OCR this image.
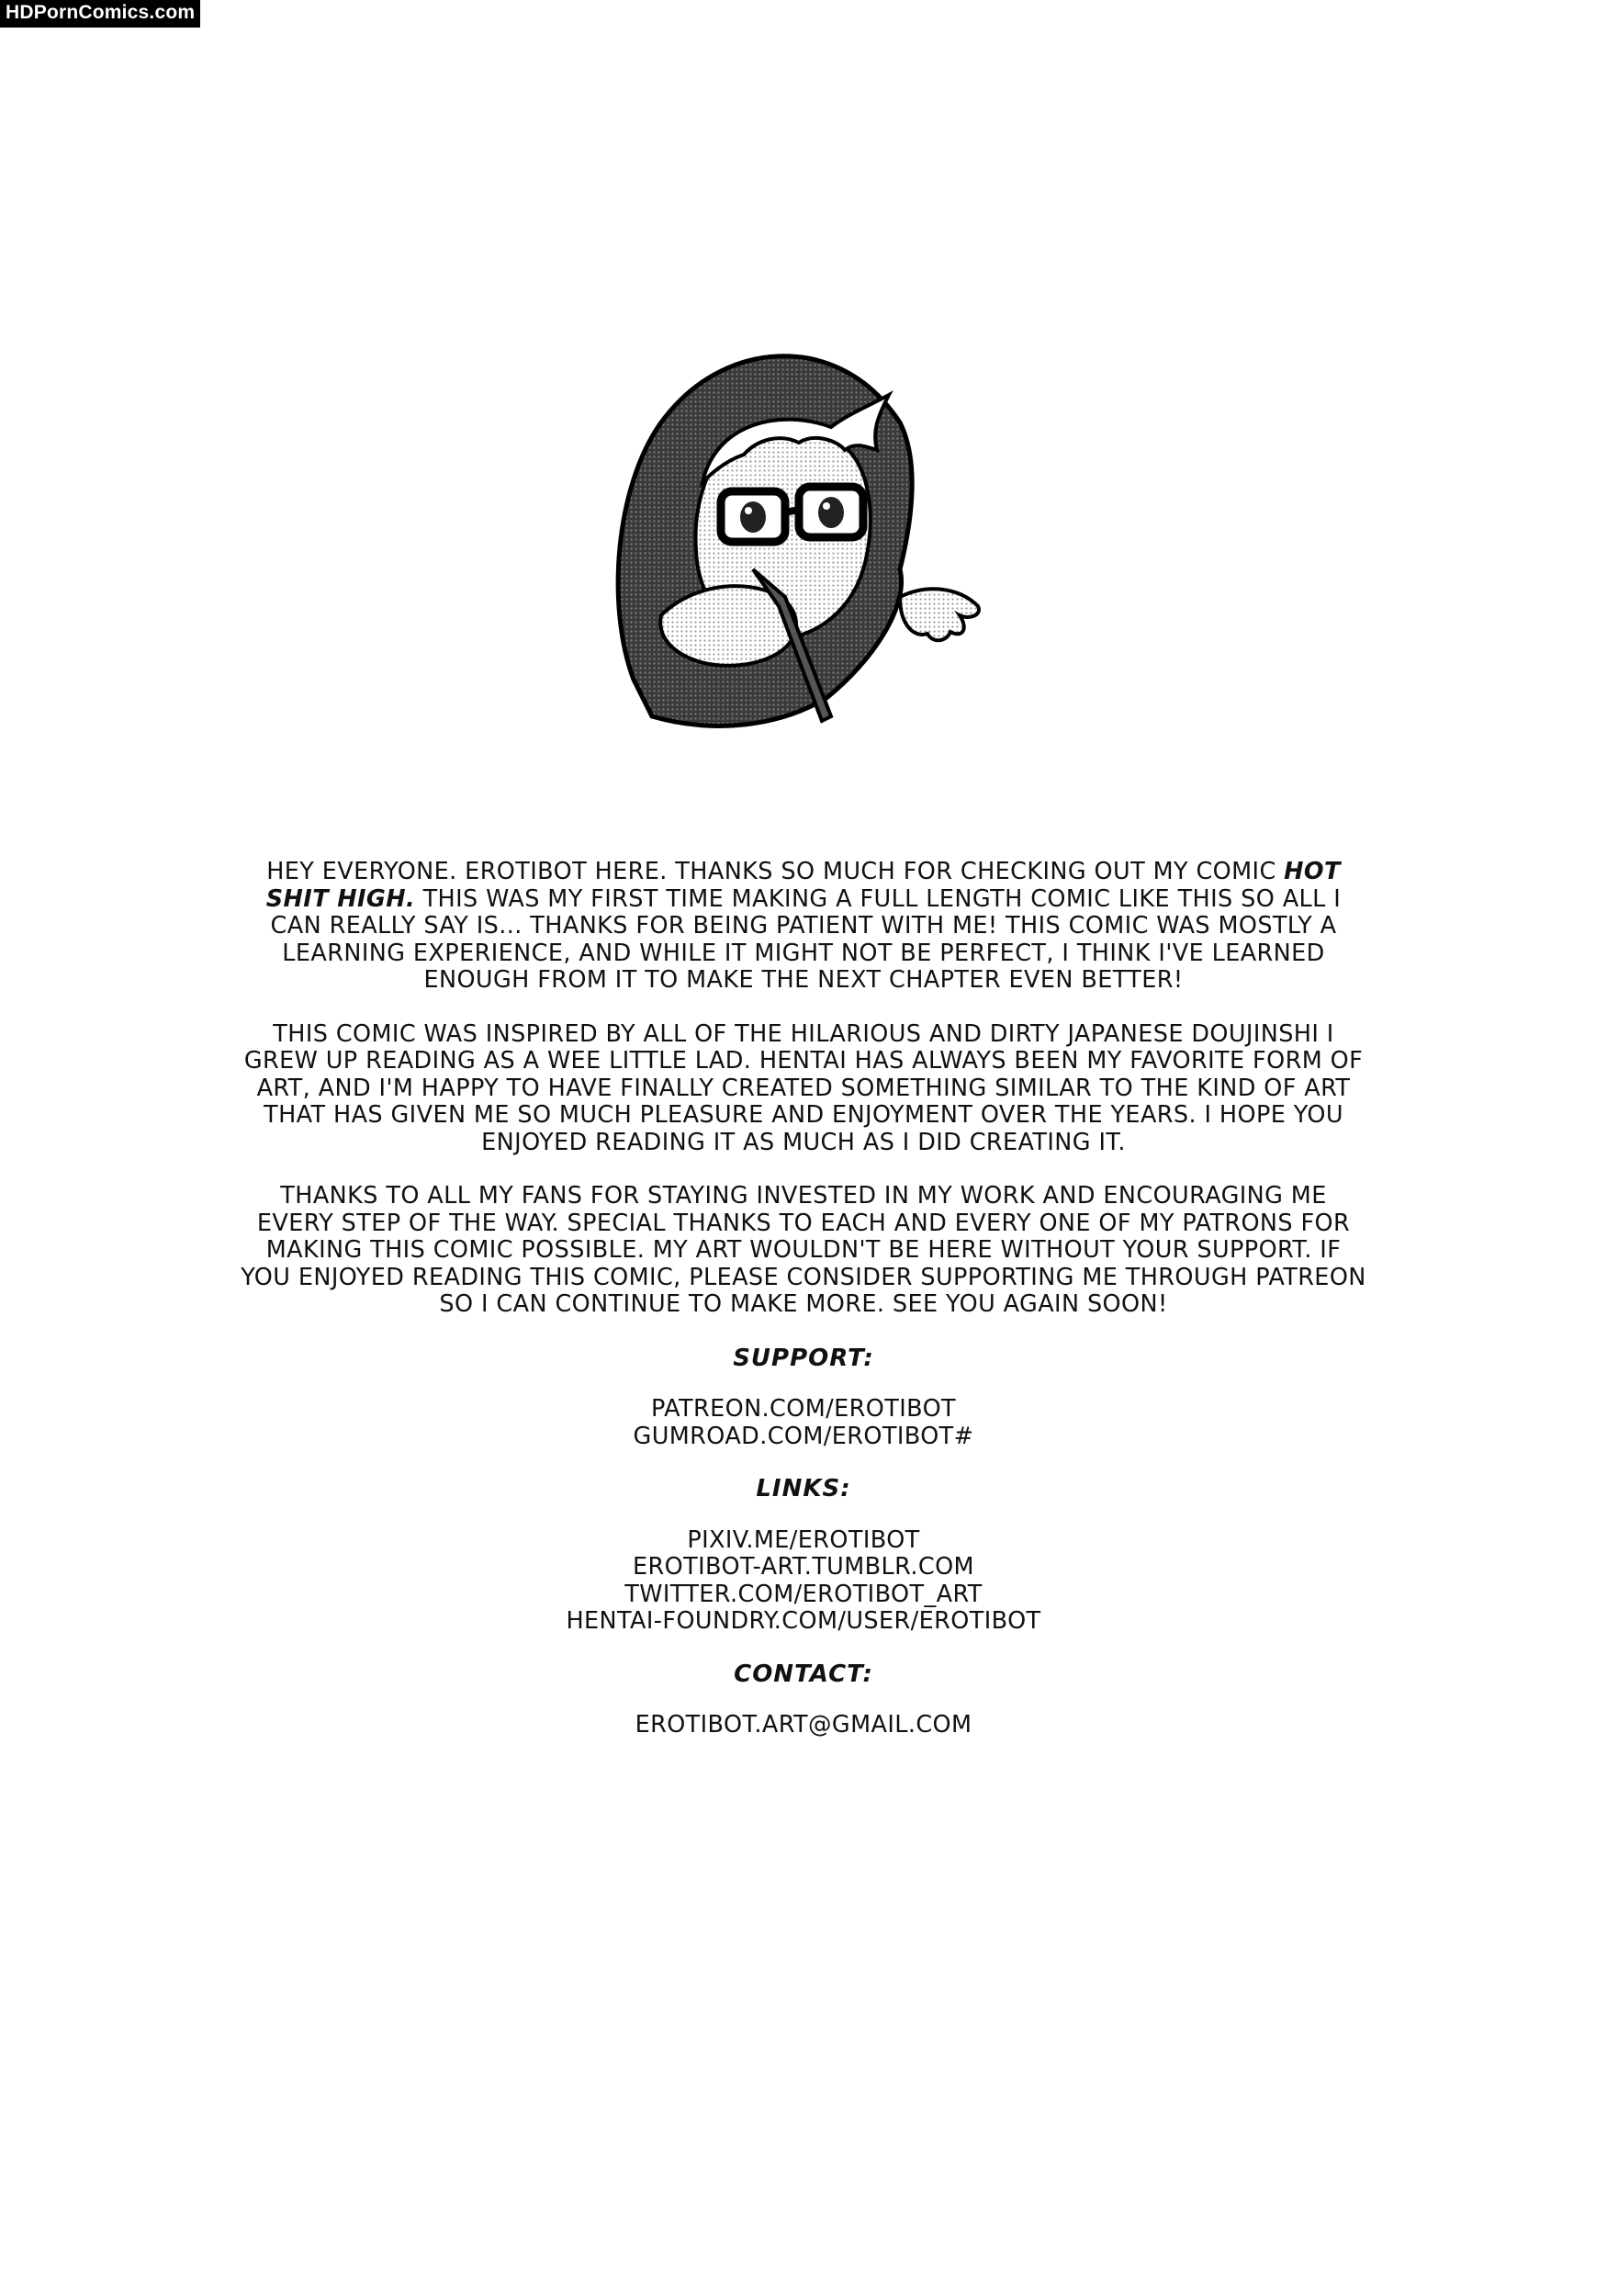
HDPornComics.com

HEY EVERYONE. EROTIBOT HERE. THANKS SO MUCH FOR CHECKING OUT MY COMIC HOT SHIT HIGH. THIS WAS MY FIRST TIME MAKING A FULL LENGTH COMIC LIKE THIS SO ALL I CAN REALLY SAY IS... THANKS FOR BEING PATIENT WITH ME! THIS COMIC WAS MOSTLY A LEARNING EXPERIENCE, AND WHILE IT MIGHT NOT BE PERFECT, I THINK I'VE LEARNED ENOUGH FROM IT TO MAKE THE NEXT CHAPTER EVEN BETTER!

THIS COMIC WAS INSPIRED BY ALL OF THE HILARIOUS AND DIRTY JAPANESE DOUJINSHI I GREW UP READING AS A WEE LITTLE LAD. HENTAI HAS ALWAYS BEEN MY FAVORITE FORM OF ART, AND I'M HAPPY TO HAVE FINALLY CREATED SOMETHING SIMILAR TO THE KIND OF ART THAT HAS GIVEN ME SO MUCH PLEASURE AND ENJOYMENT OVER THE YEARS. I HOPE YOU ENJOYED READING IT AS MUCH AS I DID CREATING IT.

THANKS TO ALL MY FANS FOR STAYING INVESTED IN MY WORK AND ENCOURAGING ME EVERY STEP OF THE WAY. SPECIAL THANKS TO EACH AND EVERY ONE OF MY PATRONS FOR MAKING THIS COMIC POSSIBLE. MY ART WOULDN'T BE HERE WITHOUT YOUR SUPPORT. IF YOU ENJOYED READING THIS COMIC, PLEASE CONSIDER SUPPORTING ME THROUGH PATREON SO I CAN CONTINUE TO MAKE MORE. SEE YOU AGAIN SOON!

SUPPORT:
PATREON.COM/EROTIBOT
GUMROAD.COM/EROTIBOT#
LINKS:
PIXIV.ME/EROTIBOT
EROTIBOT-ART.TUMBLR.COM
TWITTER.COM/EROTIBOT_ART
HENTAI-FOUNDRY.COM/USER/EROTIBOT
CONTACT:
EROTIBOT.ART@GMAIL.COM
